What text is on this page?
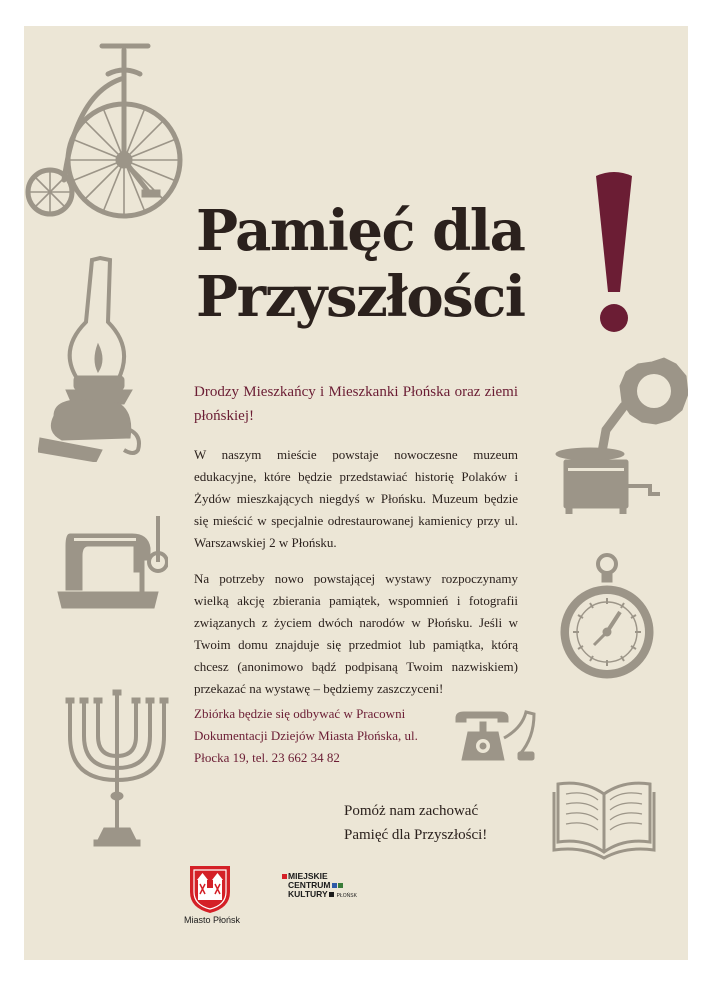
Pamięć dla
Przyszłości

Drodzy Mieszkańcy i Mieszkanki Płońska oraz ziemi płońskiej!

W naszym mieście powstaje nowoczesne muzeum edukacyjne, które będzie przedstawiać historię Polaków i Żydów mieszkających niegdyś w Płońsku. Muzeum będzie się mieścić w specjalnie odrestaurowanej kamienicy przy ul. Warszawskiej 2 w Płońsku.

Na potrzeby nowo powstającej wystawy rozpoczynamy wielką akcję zbierania pamiątek, wspomnień i fotografii związanych z życiem dwóch narodów w Płońsku. Jeśli w Twoim domu znajduje się przedmiot lub pamiątka, którą chcesz (anonimowo bądź podpisaną Twoim nazwiskiem) przekazać na wystawę – będziemy zaszczyceni!

Zbiórka będzie się odbywać w Pracowni Dokumentacji Dziejów Miasta Płońska, ul. Płocka 19, tel. 23 662 34 82

Pomóż nam zachować
Pamięć dla Przyszłości!

Miasto Płońsk
MIEJSKIE
CENTRUM
KULTURY PŁOŃSK
